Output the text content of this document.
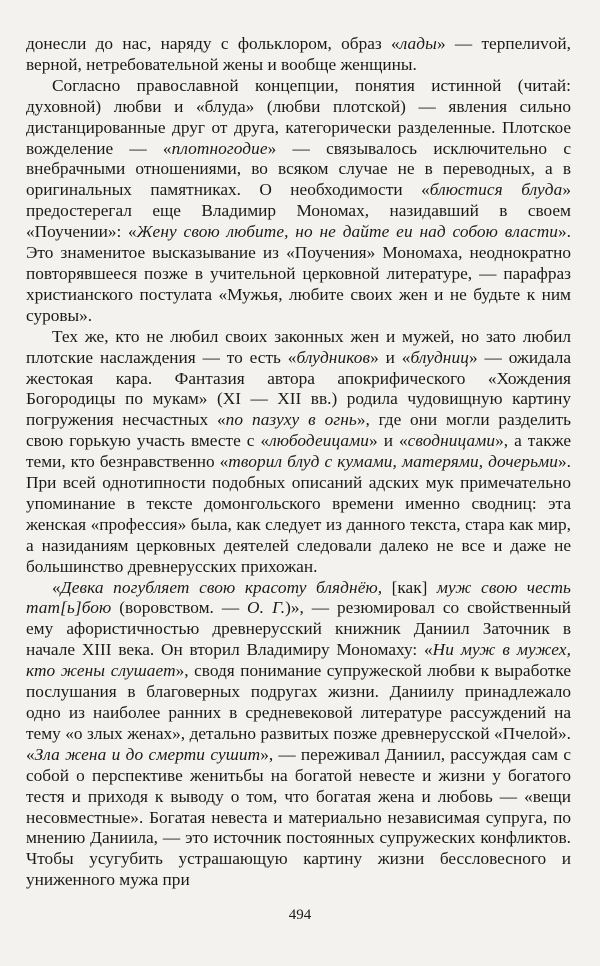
донесли до нас, наряду с фольклором, образ «лады» — терпелиvой, верной, нетребовательной жены и вообще женщины.

Согласно православной концепции, понятия истинной (читай: духовной) любви и «блуда» (любви плотской) — явления сильно дистанцированные друг от друга, категорически разделенные. Плотское вожделение — «плотногодие» — связывалось исключительно с внебрачными отношениями, во всяком случае не в переводных, а в оригинальных памятниках. О необходимости «блюстися блуда» предостерегал еще Владимир Мономах, назидавший в своем «Поучении»: «Жену свою любите, но не дайте еи над собою власти». Это знаменитое высказывание из «Поучения» Мономаха, неоднократно повторявшееся позже в учительной церковной литературе, — парафраз христианского постулата «Мужья, любите своих жен и не будьте к ним суровы».

Тех же, кто не любил своих законных жен и мужей, но зато любил плотские наслаждения — то есть «блудников» и «блудниц» — ожидала жестокая кара. Фантазия автора апокрифического «Хождения Богородицы по мукам» (XI — XII вв.) родила чудовищную картину погружения несчастных «по пазуху в огнь», где они могли разделить свою горькую участь вместе с «любодеицами» и «сводницами», а также теми, кто безнравственно «творил блуд с кумами, матерями, дочерьми». При всей однотипности подобных описаний адских мук примечательно упоминание в тексте домонгольского времени именно сводниц: эта женская «профессия» была, как следует из данного текста, стара как мир, а назиданиям церковных деятелей следовали далеко не все и даже не большинство древнерусских прихожан.

«Девка погубляет свою красоту бляднёю, [как] муж свою честь тат[ь]бою (воровством. — О. Г.)», — резюмировал со свойственный ему афористичностью древнерусский книжник Даниил Заточник в начале XIII века. Он вторил Владимиру Мономаху: «Ни муж в мужех, кто жены слушает», сводя понимание супружеской любви к выработке послушания в благоверных подругах жизни. Даниилу принадлежало одно из наиболее ранних в средневековой литературе рассуждений на тему «о злых женах», детально развитых позже древнерусской «Пчелой». «Зла жена и до смерти сушит», — переживал Даниил, рассуждая сам с собой о перспективе женитьбы на богатой невесте и жизни у богатого тестя и приходя к выводу о том, что богатая жена и любовь — «вещи несовместные». Богатая невеста и материально независимая супруга, по мнению Даниила, — это источник постоянных супружеских конфликтов. Чтобы усугубить устрашающую картину жизни бессловесного и униженного мужа при

494
